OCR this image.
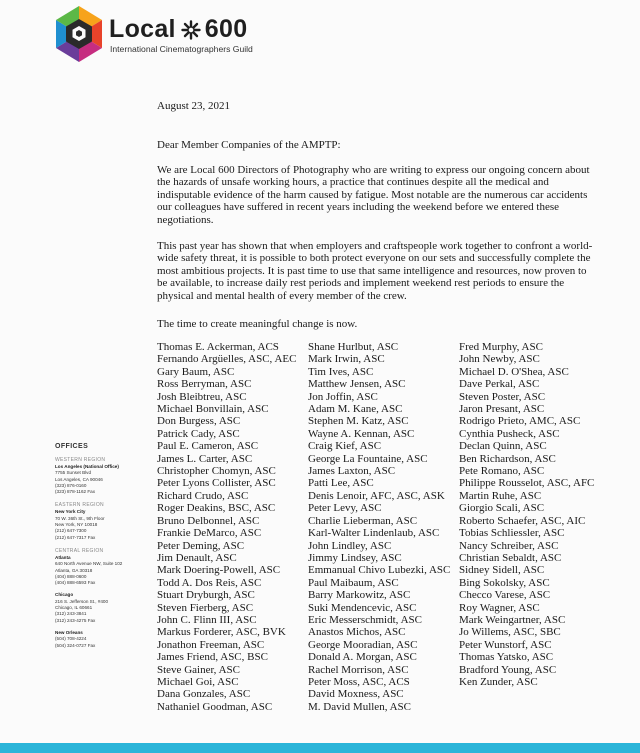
Local 600
International Cinematographers Guild
August 23, 2021
Dear Member Companies of the AMPTP:

We are Local 600 Directors of Photography who are writing to express our ongoing concern about the hazards of unsafe working hours, a practice that continues despite all the medical and indisputable evidence of the harm caused by fatigue. Most notable are the numerous car accidents our colleagues have suffered in recent years including the weekend before we entered these negotiations.

This past year has shown that when employers and craftspeople work together to confront a world-wide safety threat, it is possible to both protect everyone on our sets and successfully complete the most ambitious projects. It is past time to use that same intelligence and resources, now proven to be available, to increase daily rest periods and implement weekend rest periods to ensure the physical and mental health of every member of the crew.

The time to create meaningful change is now.
Thomas E. Ackerman, ACS
Fernando Argüelles, ASC, AEC
Gary Baum, ASC
Ross Berryman, ASC
Josh Bleibtreu, ASC
Michael Bonvillain, ASC
Don Burgess, ASC
Patrick Cady, ASC
Paul E. Cameron, ASC
James L. Carter, ASC
Christopher Chomyn, ASC
Peter Lyons Collister, ASC
Richard Crudo, ASC
Roger Deakins, BSC, ASC
Bruno Delbonnel, ASC
Frankie DeMarco, ASC
Peter Deming, ASC
Jim Denault, ASC
Mark Doering-Powell, ASC
Todd A. Dos Reis, ASC
Stuart Dryburgh, ASC
Steven Fierberg, ASC
John C. Flinn III, ASC
Markus Forderer, ASC, BVK
Jonathon Freeman, ASC
James Friend, ASC, BSC
Steve Gainer, ASC
Michael Goi, ASC
Dana Gonzales, ASC
Nathaniel Goodman, ASC
Shane Hurlbut, ASC
Mark Irwin, ASC
Tim Ives, ASC
Matthew Jensen, ASC
Jon Joffin, ASC
Adam M. Kane, ASC
Stephen M. Katz, ASC
Wayne A. Kennan, ASC
Craig Kief, ASC
George La Fountaine, ASC
James Laxton, ASC
Patti Lee, ASC
Denis Lenoir, AFC, ASC, ASK
Peter Levy, ASC
Charlie Lieberman, ASC
Karl-Walter Lindenlaub, ASC
John Lindley, ASC
Jimmy Lindsey, ASC
Emmanual Chivo Lubezki, ASC
Paul Maibaum, ASC
Barry Markowitz, ASC
Suki Mendencevic, ASC
Eric Messerschmidt, ASC
Anastos Michos, ASC
George Mooradian, ASC
Donald A. Morgan, ASC
Rachel Morrison, ASC
Peter Moss, ASC, ACS
David Moxness, ASC
M. David Mullen, ASC
Fred Murphy, ASC
John Newby, ASC
Michael D. O'Shea, ASC
Dave Perkal, ASC
Steven Poster, ASC
Jaron Presant, ASC
Rodrigo Prieto, AMC, ASC
Cynthia Pusheck, ASC
Declan Quinn, ASC
Ben Richardson, ASC
Pete Romano, ASC
Philippe Rousselot, ASC, AFC
Martin Ruhe, ASC
Giorgio Scali, ASC
Roberto Schaefer, ASC, AIC
Tobias Schliessler, ASC
Nancy Schreiber, ASC
Christian Sebaldt, ASC
Sidney Sidell, ASC
Bing Sokolsky, ASC
Checco Varese, ASC
Roy Wagner, ASC
Mark Weingartner, ASC
Jo Willems, ASC, SBC
Peter Wunstorf, ASC
Thomas Yatsko, ASC
Bradford Young, ASC
Ken Zunder, ASC
OFFICES
WESTERN REGION
Los Angeles (National Office)
7755 Sunset Blvd
Los Angeles, CA 90046
(323) 876-0160
(323) 878-1162 Fax
EASTERN REGION
New York City
70 W. 36th St., 9th Floor
New York, NY 10018
(212) 647-7300
(212) 647-7317 Fax
CENTRAL REGION
Atlanta
640 North Avenue NW, Suite 102
Atlanta, GA 30318
(404) 888-0600
(404) 888-6593 Fax
Chicago
216 S. Jefferson St., #400
Chicago, IL 60661
(312) 243-3841
(312) 243-4275 Fax
New Orleans
(504) 708-4224
(504) 324-0727 Fax
